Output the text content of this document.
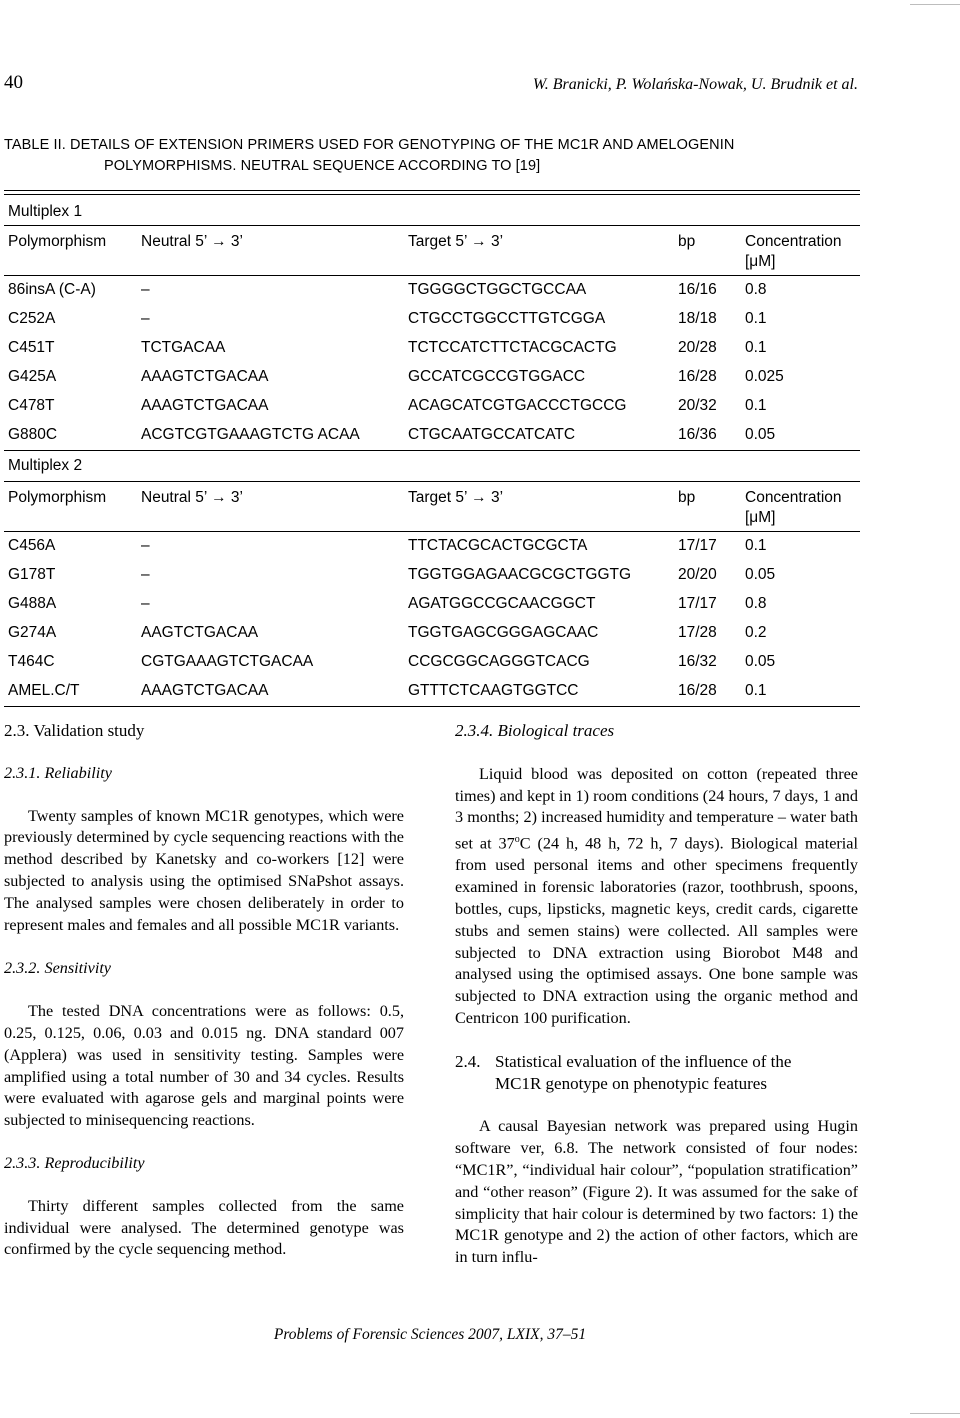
40	W. Branicki, P. Wolańska-Nowak, U. Brudnik et al.
TABLE II. DETAILS OF EXTENSION PRIMERS USED FOR GENOTYPING OF THE MC1R AND AMELOGENIN
POLYMORPHISMS. NEUTRAL SEQUENCE ACCORDING TO [19]
Multiplex 1
Polymorphism Neutral 5’ → 3’	Target 5’ → 3’	bp	Concentration
[μM]
86insA (C-A)	–	TGGGGCTGGCTGCCAA	16/16 0.8
C252A	–	CTGCCTGGCCTTGTCGGA	18/18 0.1
C451T	TCTGACAA	TCTCCATCTTCTACGCACTG	20/28 0.1
G425A	AAAGTCTGACAA	GCCATCGCCGTGGACC	16/28 0.025
C478T	AAAGTCTGACAA	ACAGCATCGTGACCCTGCCG	20/32 0.1
G880C	ACGTCGTGAAAGTCTG ACAA	CTGCAATGCCATCATC	16/36 0.05
Multiplex 2
Polymorphism Neutral 5’ → 3’	Target 5’ → 3’	bp	Concentration
[μM]
C456A	–	TTCTACGCACTGCGCTA	17/17 0.1
G178T	–	TGGTGGAGAACGCGCTGGTG	20/20 0.05
G488A	–	AGATGGCCGCAACGGCT	17/17 0.8
G274A	AAGTCTGACAA	TGGTGAGCGGGAGCAAC	17/28 0.2
T464C	CGTGAAAGTCTGACAA	CCGCGGCAGGGTCACG	16/32 0.05
AMEL.C/T	AAAGTCTGACAA	GTTTCTCAAGTGGTCC	16/28 0.1
2.3. Validation study
2.3.1. Reliability

Twenty samples of known MC1R genotypes, which were previously determined by cycle sequencing reactions with the method described by Kanetsky and co-workers [12] were subjected to analysis using the optimised SNaPshot assays. The analysed samples were chosen deliberately in order to represent males and females and all possible MC1R variants.

2.3.2. Sensitivity

The tested DNA concentrations were as follows: 0.5, 0.25, 0.125, 0.06, 0.03 and 0.015 ng. DNA standard 007 (Applera) was used in sensitivity testing. Samples were amplified using a total number of 30 and 34 cycles. Results were evaluated with agarose gels and marginal points were subjected to minisequencing reactions.

2.3.3. Reproducibility

Thirty different samples collected from the same individual were analysed. The determined genotype was confirmed by the cycle sequencing method.

2.3.4. Biological traces

Liquid blood was deposited on cotton (repeated three times) and kept in 1) room conditions (24 hours, 7 days, 1 and 3 months; 2) increased humidity and temperature – water bath set at 37$^o$C (24 h, 48 h, 72 h, 7 days). Biological material from used personal items and other specimens frequently examined in forensic laboratories (razor, toothbrush, spoons, bottles, cups, lipsticks, magnetic keys, credit cards, cigarette stubs and semen stains) were collected. All samples were subjected to DNA extraction using Biorobot M48 and analysed using the optimised assays. One bone sample was subjected to DNA extraction using the organic method and Centricon 100 purification.

2.4. Statistical evaluation of the influence of the
MC1R genotype on phenotypic features

A causal Bayesian network was prepared using Hugin software ver, 6.8. The network consisted of four nodes: “MC1R”, “individual hair colour”, “population stratification” and “other reason” (Figure 2). It was assumed for the sake of simplicity that hair colour is determined by two factors: 1) the MC1R genotype and 2) the action of other factors, which are in turn influ-

Problems of Forensic Sciences 2007, LXIX, 37–51
